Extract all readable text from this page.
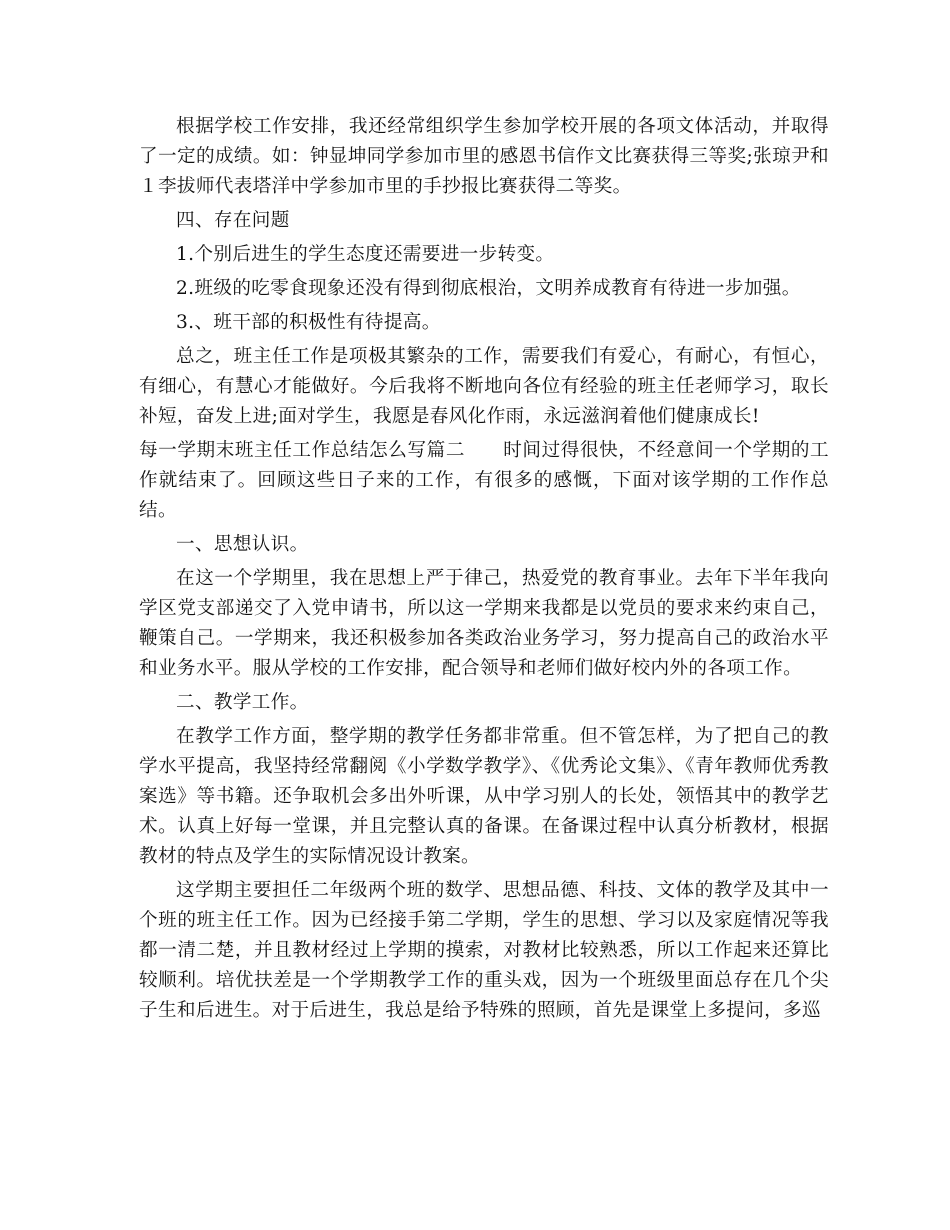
根据学校工作安排，我还经常组织学生参加学校开展的各项文体活动，并取得了一定的成绩。如：钟显坤同学参加市里的感恩书信作文比赛获得三等奖;张琼尹和１李拔师代表塔洋中学参加市里的手抄报比赛获得二等奖。

四、存在问题

1.个别后进生的学生态度还需要进一步转变。

2.班级的吃零食现象还没有得到彻底根治，文明养成教育有待进一步加强。

3.、班干部的积极性有待提高。

总之，班主任工作是项极其繁杂的工作，需要我们有爱心，有耐心，有恒心，有细心，有慧心才能做好。今后我将不断地向各位有经验的班主任老师学习，取长补短，奋发上进;面对学生，我愿是春风化作雨，永远滋润着他们健康成长!

每一学期末班主任工作总结怎么写篇二 时间过得很快，不经意间一个学期的工作就结束了。回顾这些日子来的工作，有很多的感慨，下面对该学期的工作作总结。

一、思想认识。

在这一个学期里，我在思想上严于律己，热爱党的教育事业。去年下半年我向学区党支部递交了入党申请书，所以这一学期来我都是以党员的要求来约束自己，鞭策自己。一学期来，我还积极参加各类政治业务学习，努力提高自己的政治水平和业务水平。服从学校的工作安排，配合领导和老师们做好校内外的各项工作。

二、教学工作。

在教学工作方面，整学期的教学任务都非常重。但不管怎样，为了把自己的教学水平提高，我坚持经常翻阅《小学数学教学》、《优秀论文集》、《青年教师优秀教案选》等书籍。还争取机会多出外听课，从中学习别人的长处，领悟其中的教学艺术。认真上好每一堂课，并且完整认真的备课。在备课过程中认真分析教材，根据教材的特点及学生的实际情况设计教案。

这学期主要担任二年级两个班的数学、思想品德、科技、文体的教学及其中一个班的班主任工作。因为已经接手第二学期，学生的思想、学习以及家庭情况等我都一清二楚，并且教材经过上学期的摸索，对教材比较熟悉，所以工作起来还算比较顺利。培优扶差是一个学期教学工作的重头戏，因为一个班级里面总存在几个尖子生和后进生。对于后进生，我总是给予特殊的照顾，首先是课堂上多提问，多巡
